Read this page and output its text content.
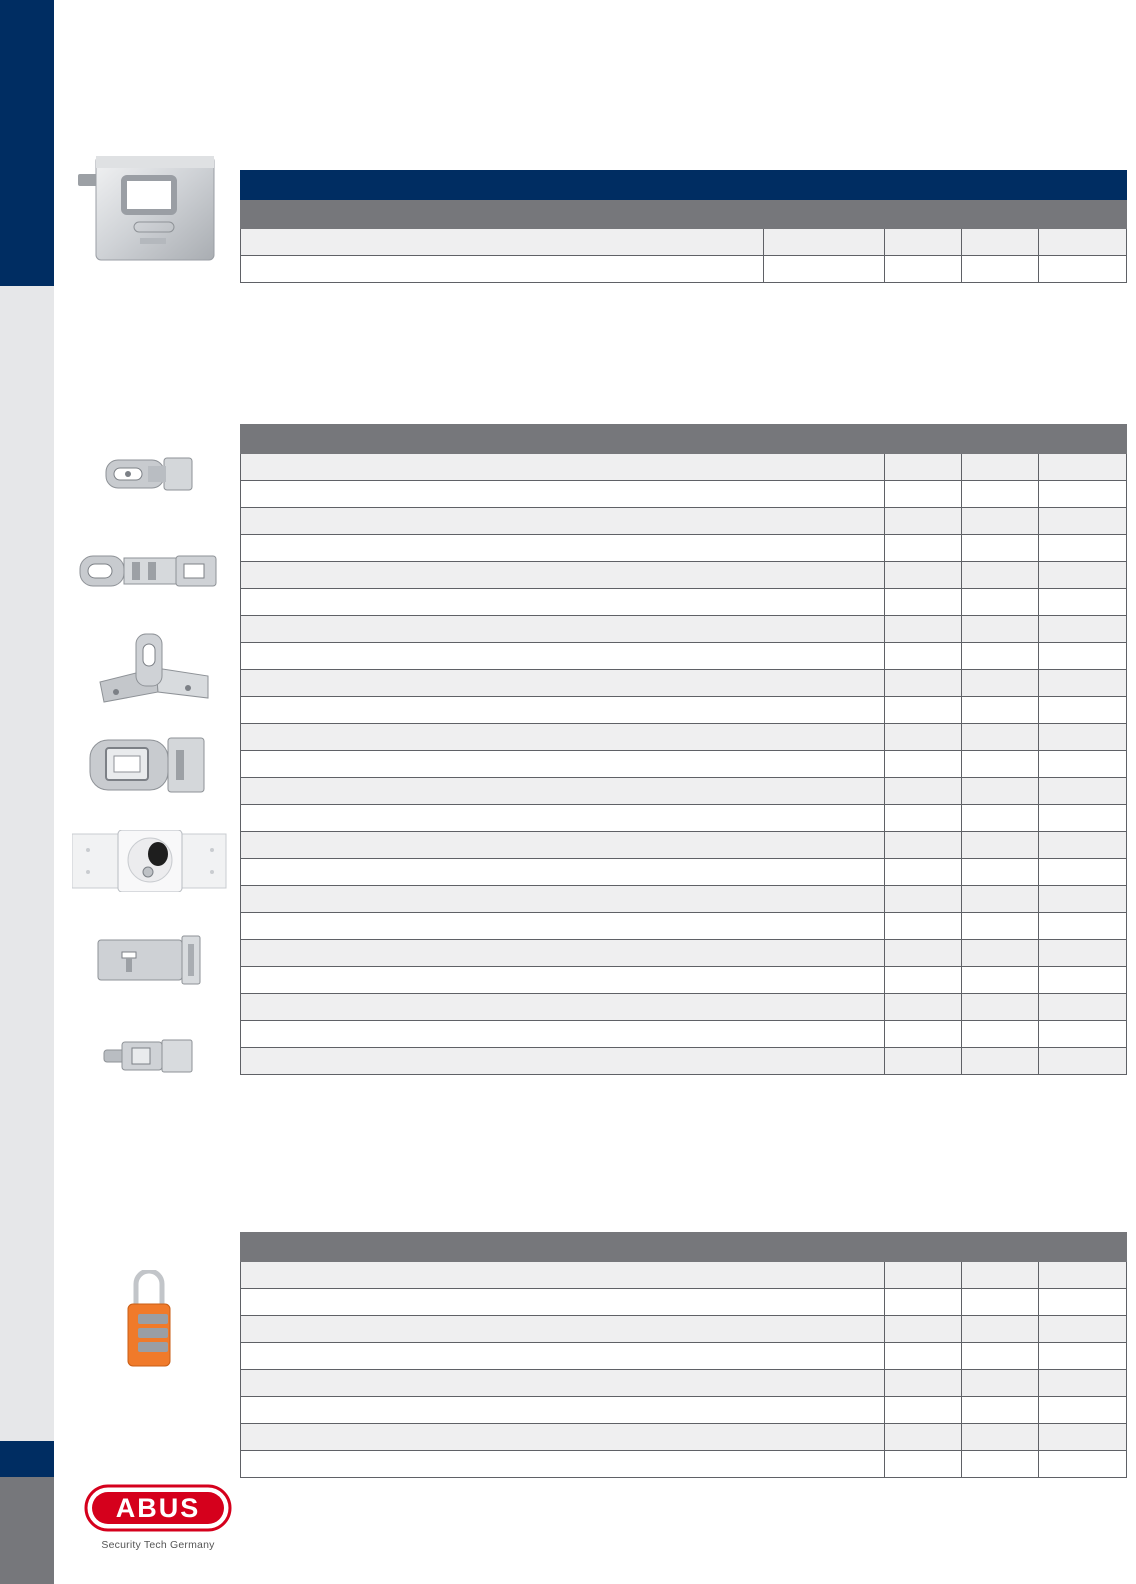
ABUS
Security Tech Germany
